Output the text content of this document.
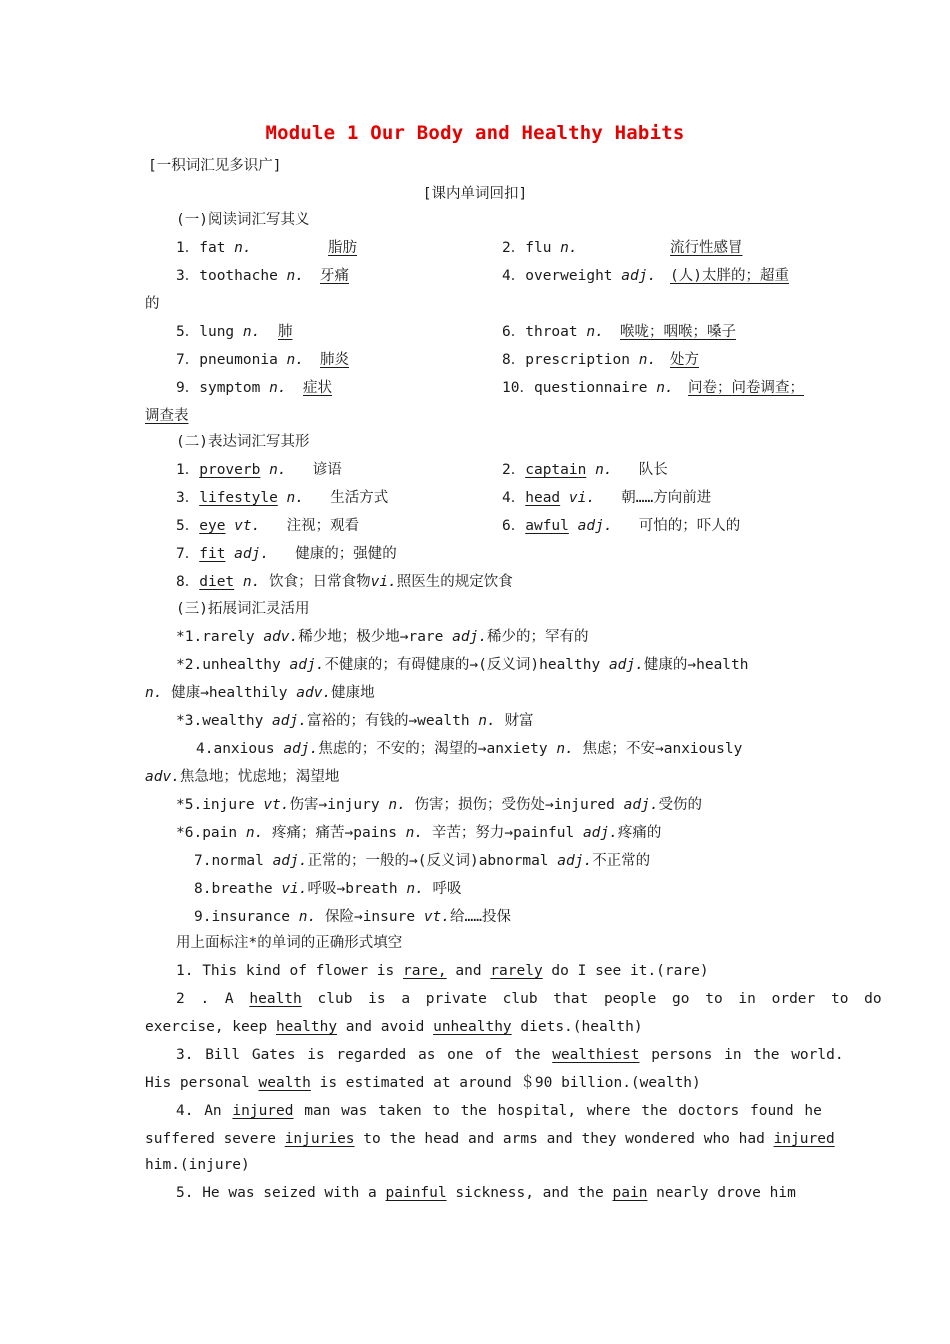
Module 1 Our Body and Healthy Habits
[一积词汇见多识广]
[课内单词回扣]
(一)阅读词汇写其义
1．fat n.	脂肪	2．flu n.	流行性感冒
3．toothache n. 牙痛	4．overweight adj. (人)太胖的；超重
的
5．lung n. 肺	6．throat n. 喉咙；咽喉；嗓子
7．pneumonia n. 肺炎	8．prescription n. 处方
9．symptom n. 症状	10．questionnaire n. 问卷；问卷调查；
调查表
(二)表达词汇写其形
1．proverb n. 谚语	2．captain n. 队长
3．lifestyle n. 生活方式	4．head vi. 朝……方向前进
5．eye vt. 注视；观看	6．awful adj. 可怕的；吓人的
7．fit adj. 健康的；强健的
8．diet n. 饮食；日常食物vi.照医生的规定饮食
(三)拓展词汇灵活用
*1.rarely adv.稀少地；极少地→rare adj.稀少的；罕有的
*2.unhealthy adj.不健康的；有碍健康的→(反义词)healthy adj.健康的→health
n. 健康→healthily adv.健康地
*3.wealthy adj.富裕的；有钱的→wealth n. 财富
4.anxious adj.焦虑的；不安的；渴望的→anxiety n. 焦虑；不安→anxiously
adv.焦急地；忧虑地；渴望地
*5.injure vt.伤害→injury n. 伤害；损伤；受伤处→injured adj.受伤的
*6.pain n. 疼痛；痛苦→pains n. 辛苦；努力→painful adj.疼痛的
7.normal adj.正常的；一般的→(反义词)abnormal adj.不正常的
8.breathe vi.呼吸→breath n. 呼吸
9.insurance n. 保险→insure vt.给……投保
用上面标注*的单词的正确形式填空
1. This kind of flower is rare, and rarely do I see it.(rare)
2 . A health club is a private club that people go to in order to do
exercise, keep healthy and avoid unhealthy diets.(health)
3. Bill Gates is regarded as one of the wealthiest persons in the world.
His personal wealth is estimated at around ＄90 billion.(wealth)
4. An injured man was taken to the hospital, where the doctors found he
suffered severe injuries to the head and arms and they wondered who had injured
him.(injure)
5. He was seized with a painful sickness, and the pain nearly drove him
